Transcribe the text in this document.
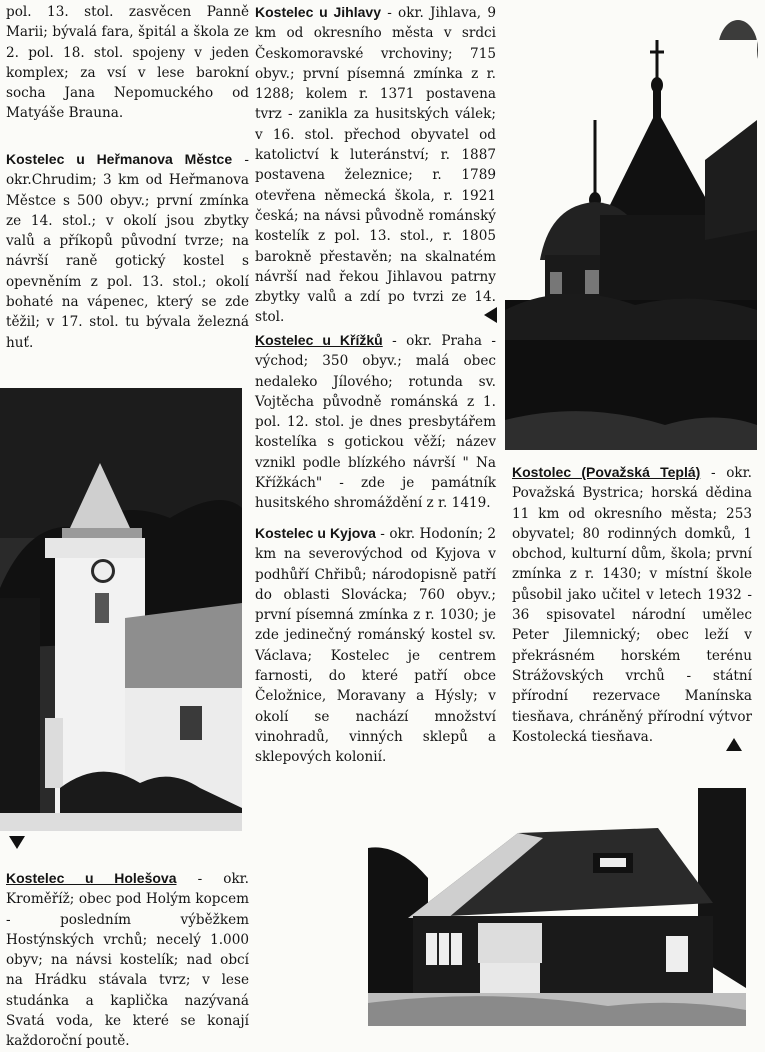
pol. 13. stol. zasvěcen Panně Marii; bývalá fara, špitál a škola ze 2. pol. 18. stol. spojeny v jeden komplex; za vsí v lese barokní socha Jana Nepomuckého od Matyáše Brauna.

Kostelec u Heřmanova Městce - okr.Chrudim; 3 km od Heřmanova Městce s 500 obyv.; první zmínka ze 14. stol.; v okolí jsou zbytky valů a příkopů původní tvrze; na návrší raně gotický kostel s opevněním z pol. 13. stol.; okolí bohaté na vápenec, který se zde těžil; v 17. stol. tu bývala železná huť.

Kostelec u Holešova - okr. Kroměříž; obec pod Holým kopcem - posledním výběžkem Hostýnských vrchů; necelý 1.000 obyv; na návsi kostelík; nad obcí na Hrádku stávala tvrz; v lese studánka a kaplička nazývaná Svatá voda, ke které se konají každoroční poutě.

Kostelec u Jihlavy - okr. Jihlava, 9 km od okresního města v srdci Českomoravské vrchoviny; 715 obyv.; první písemná zmínka z r. 1288; kolem r. 1371 postavena tvrz - zanikla za husitských válek; v 16. stol. přechod obyvatel od katolictví k luteránství; r. 1887 postavena železnice; r. 1789 otevřena německá škola, r. 1921 česká; na návsi původně románský kostelík z pol. 13. stol., r. 1805 barokně přestavěn; na skalnatém návrší nad řekou Jihlavou patrny zbytky valů a zdí po tvrzi ze 14. stol.

Kostelec u Křížků - okr. Praha - východ; 350 obyv.; malá obec nedaleko Jílového; rotunda sv. Vojtěcha původně románská z 1. pol. 12. stol. je dnes presbytářem kostelíka s gotickou věží; název vznikl podle blízkého návrší " Na Křížkách" - zde je památník husitského shromáždění z r. 1419.

Kostelec u Kyjova - okr. Hodonín; 2 km na severovýchod od Kyjova v podhůří Chřibů; národopisně patří do oblasti Slovácka; 760 obyv.; první písemná zmínka z r. 1030; je zde jedinečný románský kostel sv. Václava; Kostelec je centrem farnosti, do které patří obce Čeložnice, Moravany a Hýsly; v okolí se nachází množství vinohradů, vinných sklepů a sklepových kolonií.

Kostolec (Považská Teplá) - okr. Považská Bystrica; horská dědina 11 km od okresního města; 253 obyvatel; 80 rodinných domků, 1 obchod, kulturní dům, škola; první zmínka z r. 1430; v místní škole působil jako učitel v letech 1932 - 36 spisovatel národní umělec Peter Jilemnický; obec leží v překrásném horském terénu Strážovských vrchů - státní přírodní rezervace Manínska tiesňava, chráněný přírodní výtvor Kostolecká tiesňava.
